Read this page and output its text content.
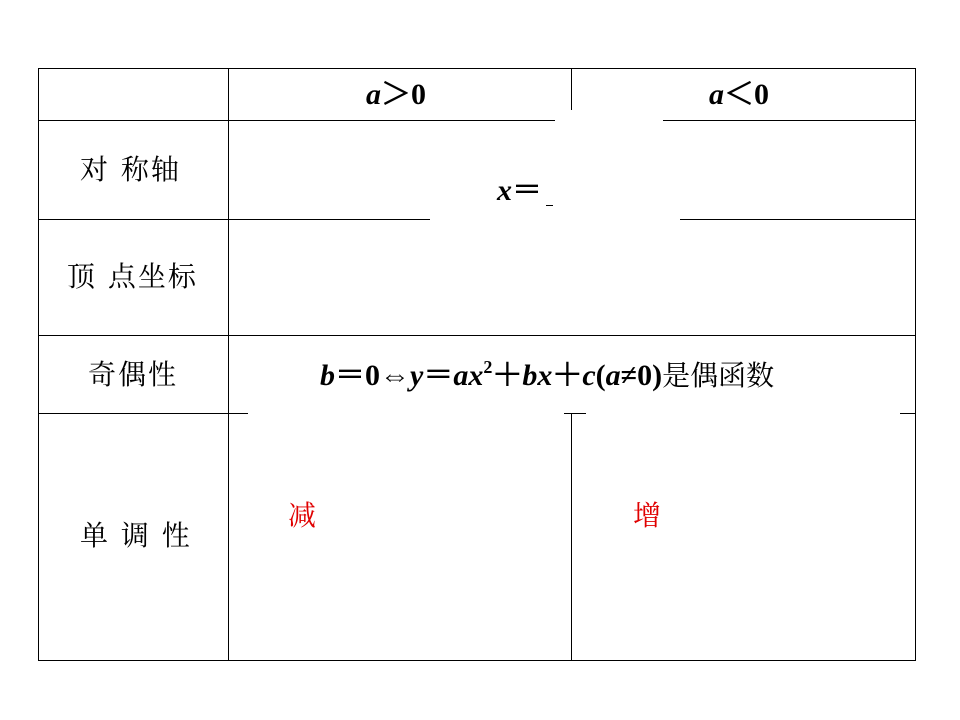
a＞0	a＜0
对 称轴
顶 点坐标
奇偶性
单 调 性
x＝
$b=0\Leftrightarrow y=ax^2+bx+c(a\ne 0)$是偶函数
减	增
